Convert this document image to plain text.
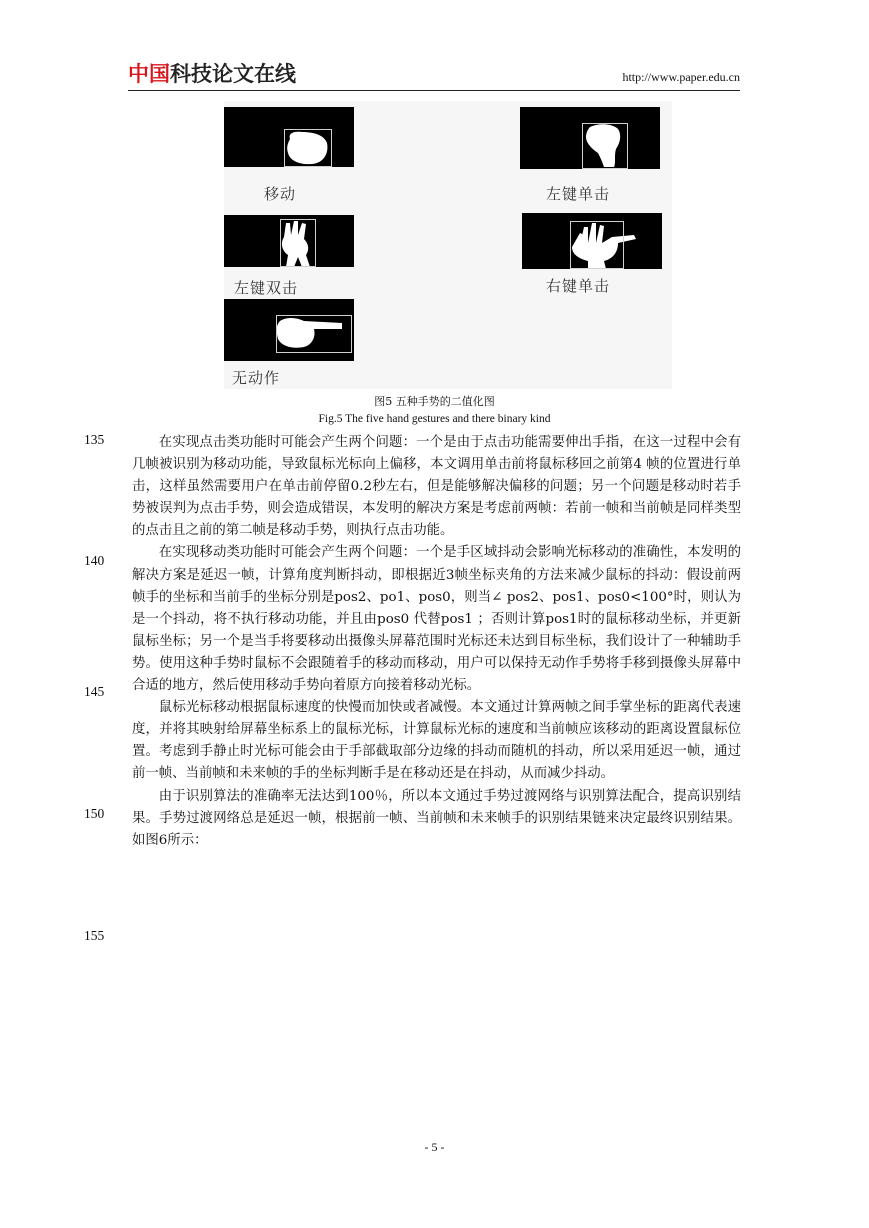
中国科技论文在线	http://www.paper.edu.cn
移动	左键单击
左键双击	右键单击
无动作
图5 五种手势的二值化图
Fig.5 The five hand gestures and there binary kind
135
140
145
150
155

在实现点击类功能时可能会产生两个问题：一个是由于点击功能需要伸出手指，在这一过程中会有几帧被识别为移动功能，导致鼠标光标向上偏移，本文调用单击前将鼠标移回之前第4 帧的位置进行单击，这样虽然需要用户在单击前停留0.2秒左右，但是能够解决偏移的问题；另一个问题是移动时若手势被误判为点击手势，则会造成错误，本发明的解决方案是考虑前两帧：若前一帧和当前帧是同样类型的点击且之前的第二帧是移动手势，则执行点击功能。

在实现移动类功能时可能会产生两个问题：一个是手区域抖动会影响光标移动的准确性，本发明的解决方案是延迟一帧，计算角度判断抖动，即根据近3帧坐标夹角的方法来减少鼠标的抖动：假设前两帧手的坐标和当前手的坐标分别是pos2、po1、pos0，则当∠ pos2、pos1、pos0<100°时，则认为是一个抖动，将不执行移动功能，并且由pos0 代替pos1 ；否则计算pos1时的鼠标移动坐标，并更新鼠标坐标；另一个是当手将要移动出摄像头屏幕范围时光标还未达到目标坐标，我们设计了一种辅助手势。使用这种手势时鼠标不会跟随着手的移动而移动，用户可以保持无动作手势将手移到摄像头屏幕中合适的地方，然后使用移动手势向着原方向接着移动光标。

鼠标光标移动根据鼠标速度的快慢而加快或者减慢。本文通过计算两帧之间手掌坐标的距离代表速度，并将其映射给屏幕坐标系上的鼠标光标，计算鼠标光标的速度和当前帧应该移动的距离设置鼠标位置。考虑到手静止时光标可能会由于手部截取部分边缘的抖动而随机的抖动，所以采用延迟一帧，通过前一帧、当前帧和未来帧的手的坐标判断手是在移动还是在抖动，从而减少抖动。

由于识别算法的准确率无法达到100％，所以本文通过手势过渡网络与识别算法配合，提高识别结果。手势过渡网络总是延迟一帧，根据前一帧、当前帧和未来帧手的识别结果链来决定最终识别结果。如图6所示：

- 5 -
